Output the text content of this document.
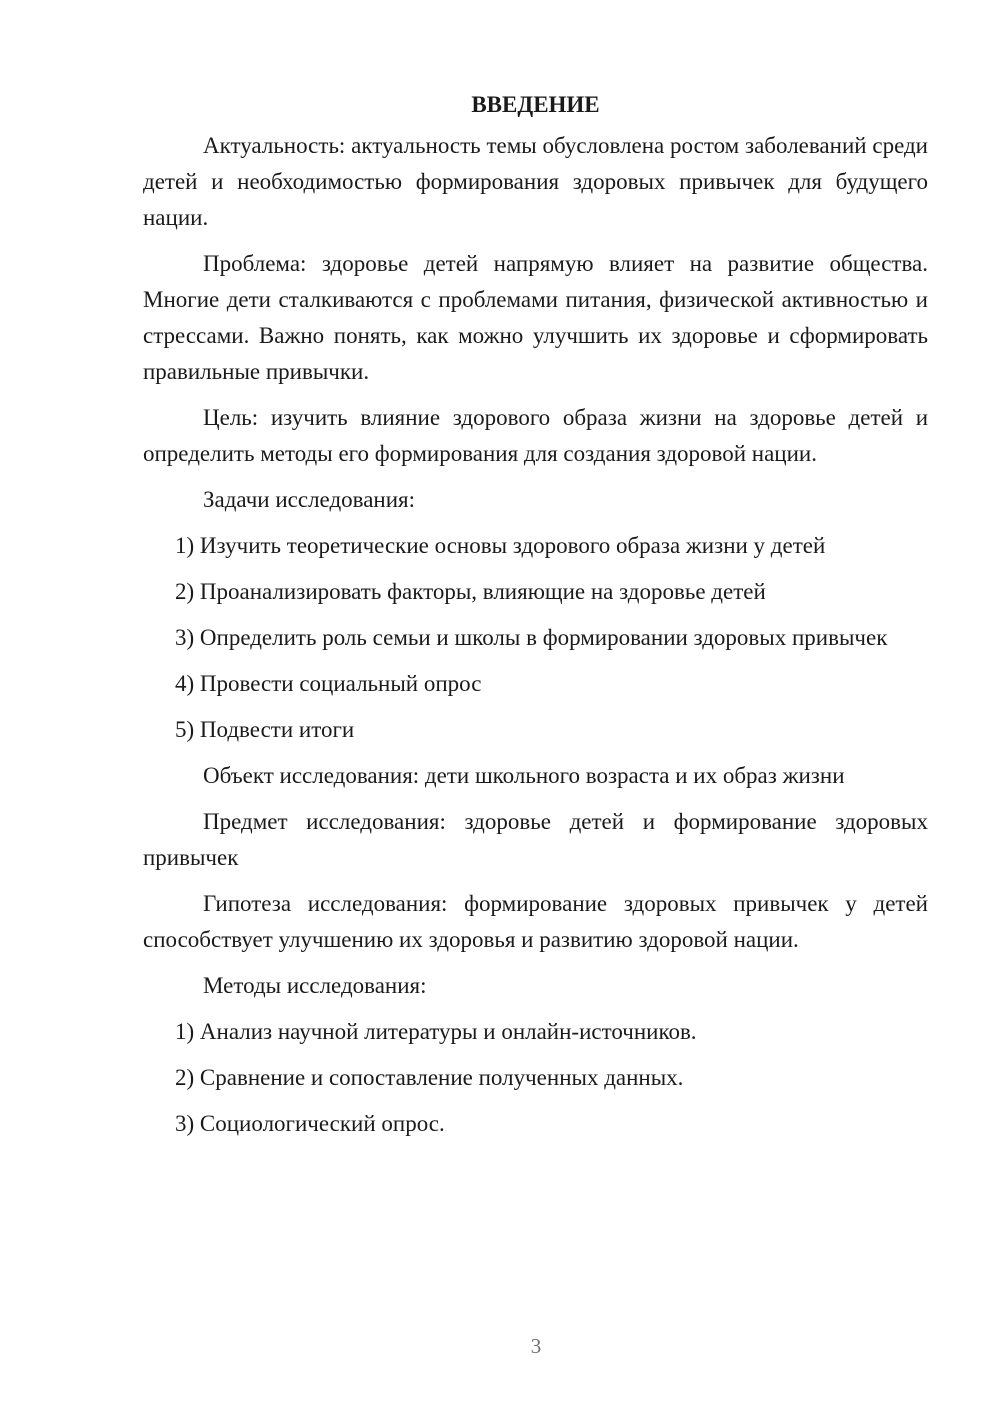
ВВЕДЕНИЕ

Актуальность: актуальность темы обусловлена ростом заболеваний среди детей и необходимостью формирования здоровых привычек для будущего нации.

Проблема: здоровье детей напрямую влияет на развитие общества. Многие дети сталкиваются с проблемами питания, физической активностью и стрессами. Важно понять, как можно улучшить их здоровье и сформировать правильные привычки.

Цель: изучить влияние здорового образа жизни на здоровье детей и определить методы его формирования для создания здоровой нации.

Задачи исследования:

1) Изучить теоретические основы здорового образа жизни у детей

2) Проанализировать факторы, влияющие на здоровье детей

3) Определить роль семьи и школы в формировании здоровых привычек

4) Провести социальный опрос

5) Подвести итоги

Объект исследования: дети школьного возраста и их образ жизни

Предмет исследования: здоровье детей и формирование здоровых привычек

Гипотеза исследования: формирование здоровых привычек у детей способствует улучшению их здоровья и развитию здоровой нации.

Методы исследования:

1) Анализ научной литературы и онлайн-источников.

2) Сравнение и сопоставление полученных данных.

3) Социологический опрос.

3
